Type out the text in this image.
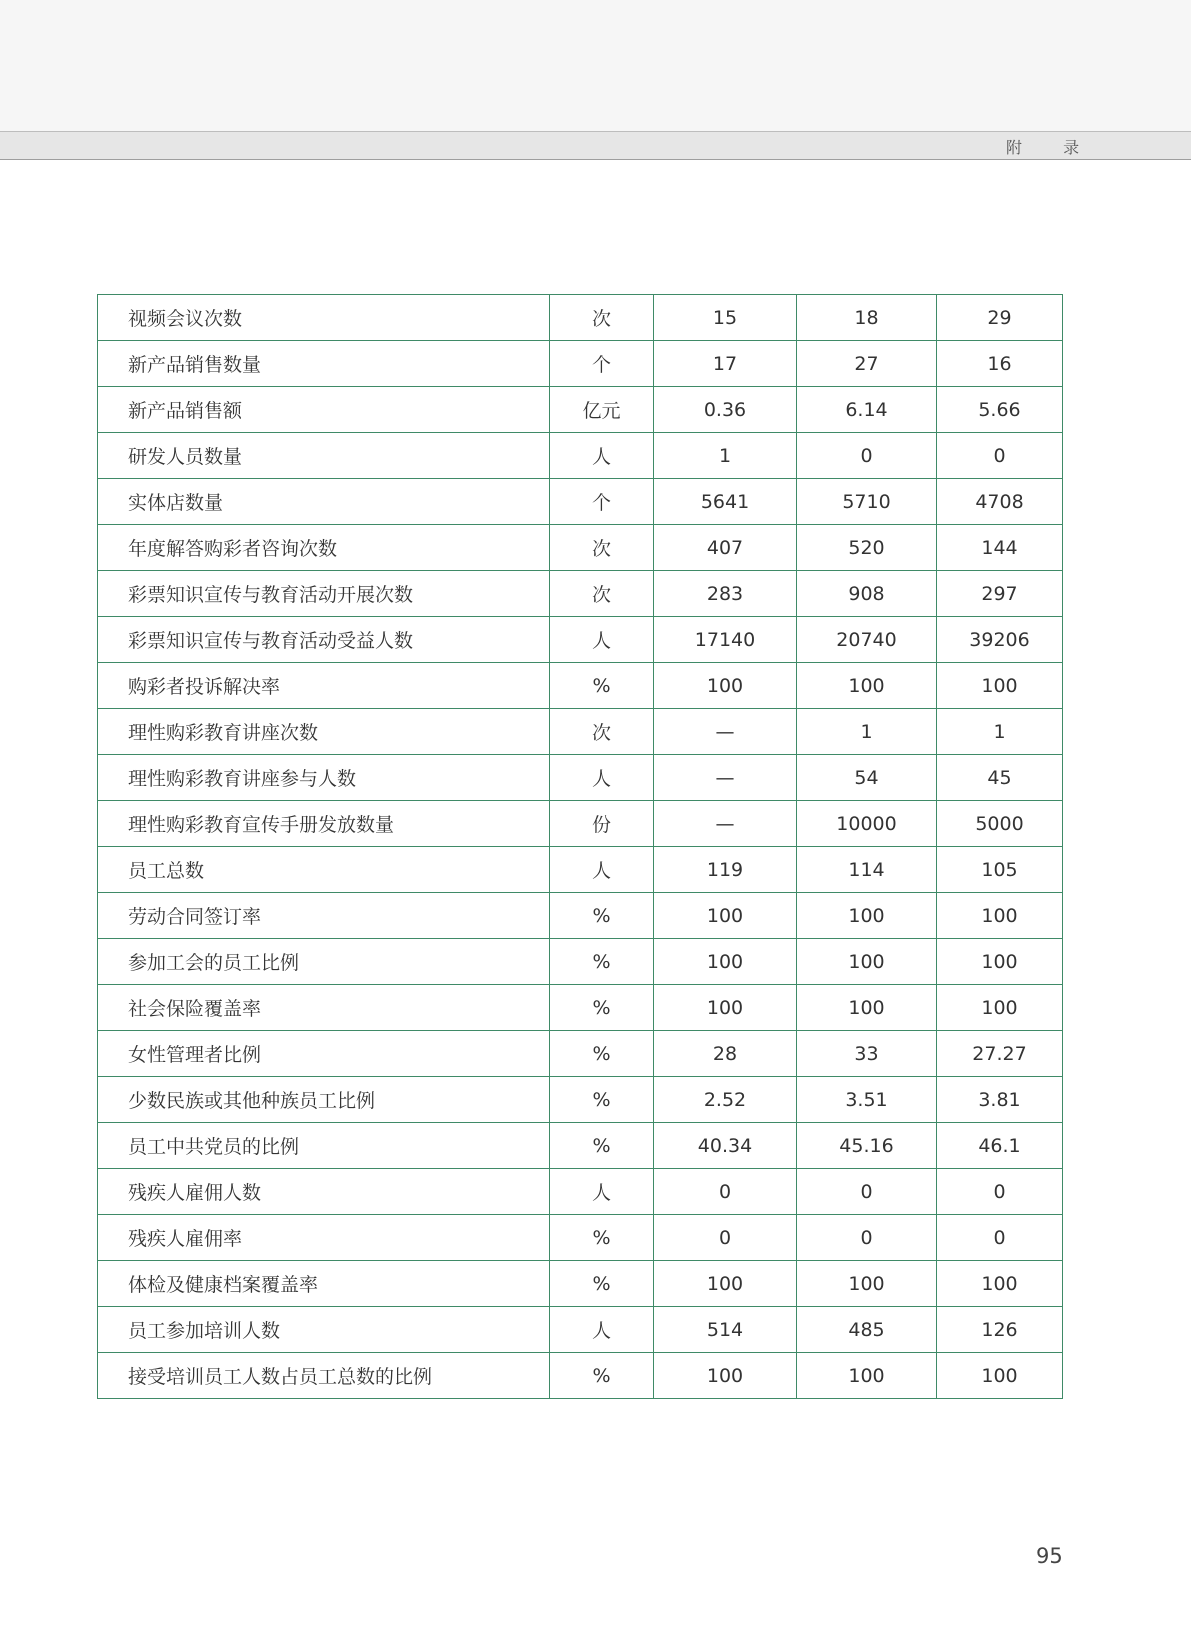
附 录
视频会议次数	次	15	18	29
新产品销售数量	个	17	27	16
新产品销售额	亿元	0.36	6.14	5.66
研发人员数量	人	1	0	0
实体店数量	个	5641	5710	4708
年度解答购彩者咨询次数	次	407	520	144
彩票知识宣传与教育活动开展次数	次	283	908	297
彩票知识宣传与教育活动受益人数	人	17140	20740	39206
购彩者投诉解决率	%	100	100	100
理性购彩教育讲座次数	次	—	1	1
理性购彩教育讲座参与人数	人	—	54	45
理性购彩教育宣传手册发放数量	份	—	10000	5000
员工总数	人	119	114	105
劳动合同签订率	%	100	100	100
参加工会的员工比例	%	100	100	100
社会保险覆盖率	%	100	100	100
女性管理者比例	%	28	33	27.27
少数民族或其他种族员工比例	%	2.52	3.51	3.81
员工中共党员的比例	%	40.34	45.16	46.1
残疾人雇佣人数	人	0	0	0
残疾人雇佣率	%	0	0	0
体检及健康档案覆盖率	%	100	100	100
员工参加培训人数	人	514	485	126
接受培训员工人数占员工总数的比例	%	100	100	100
95
